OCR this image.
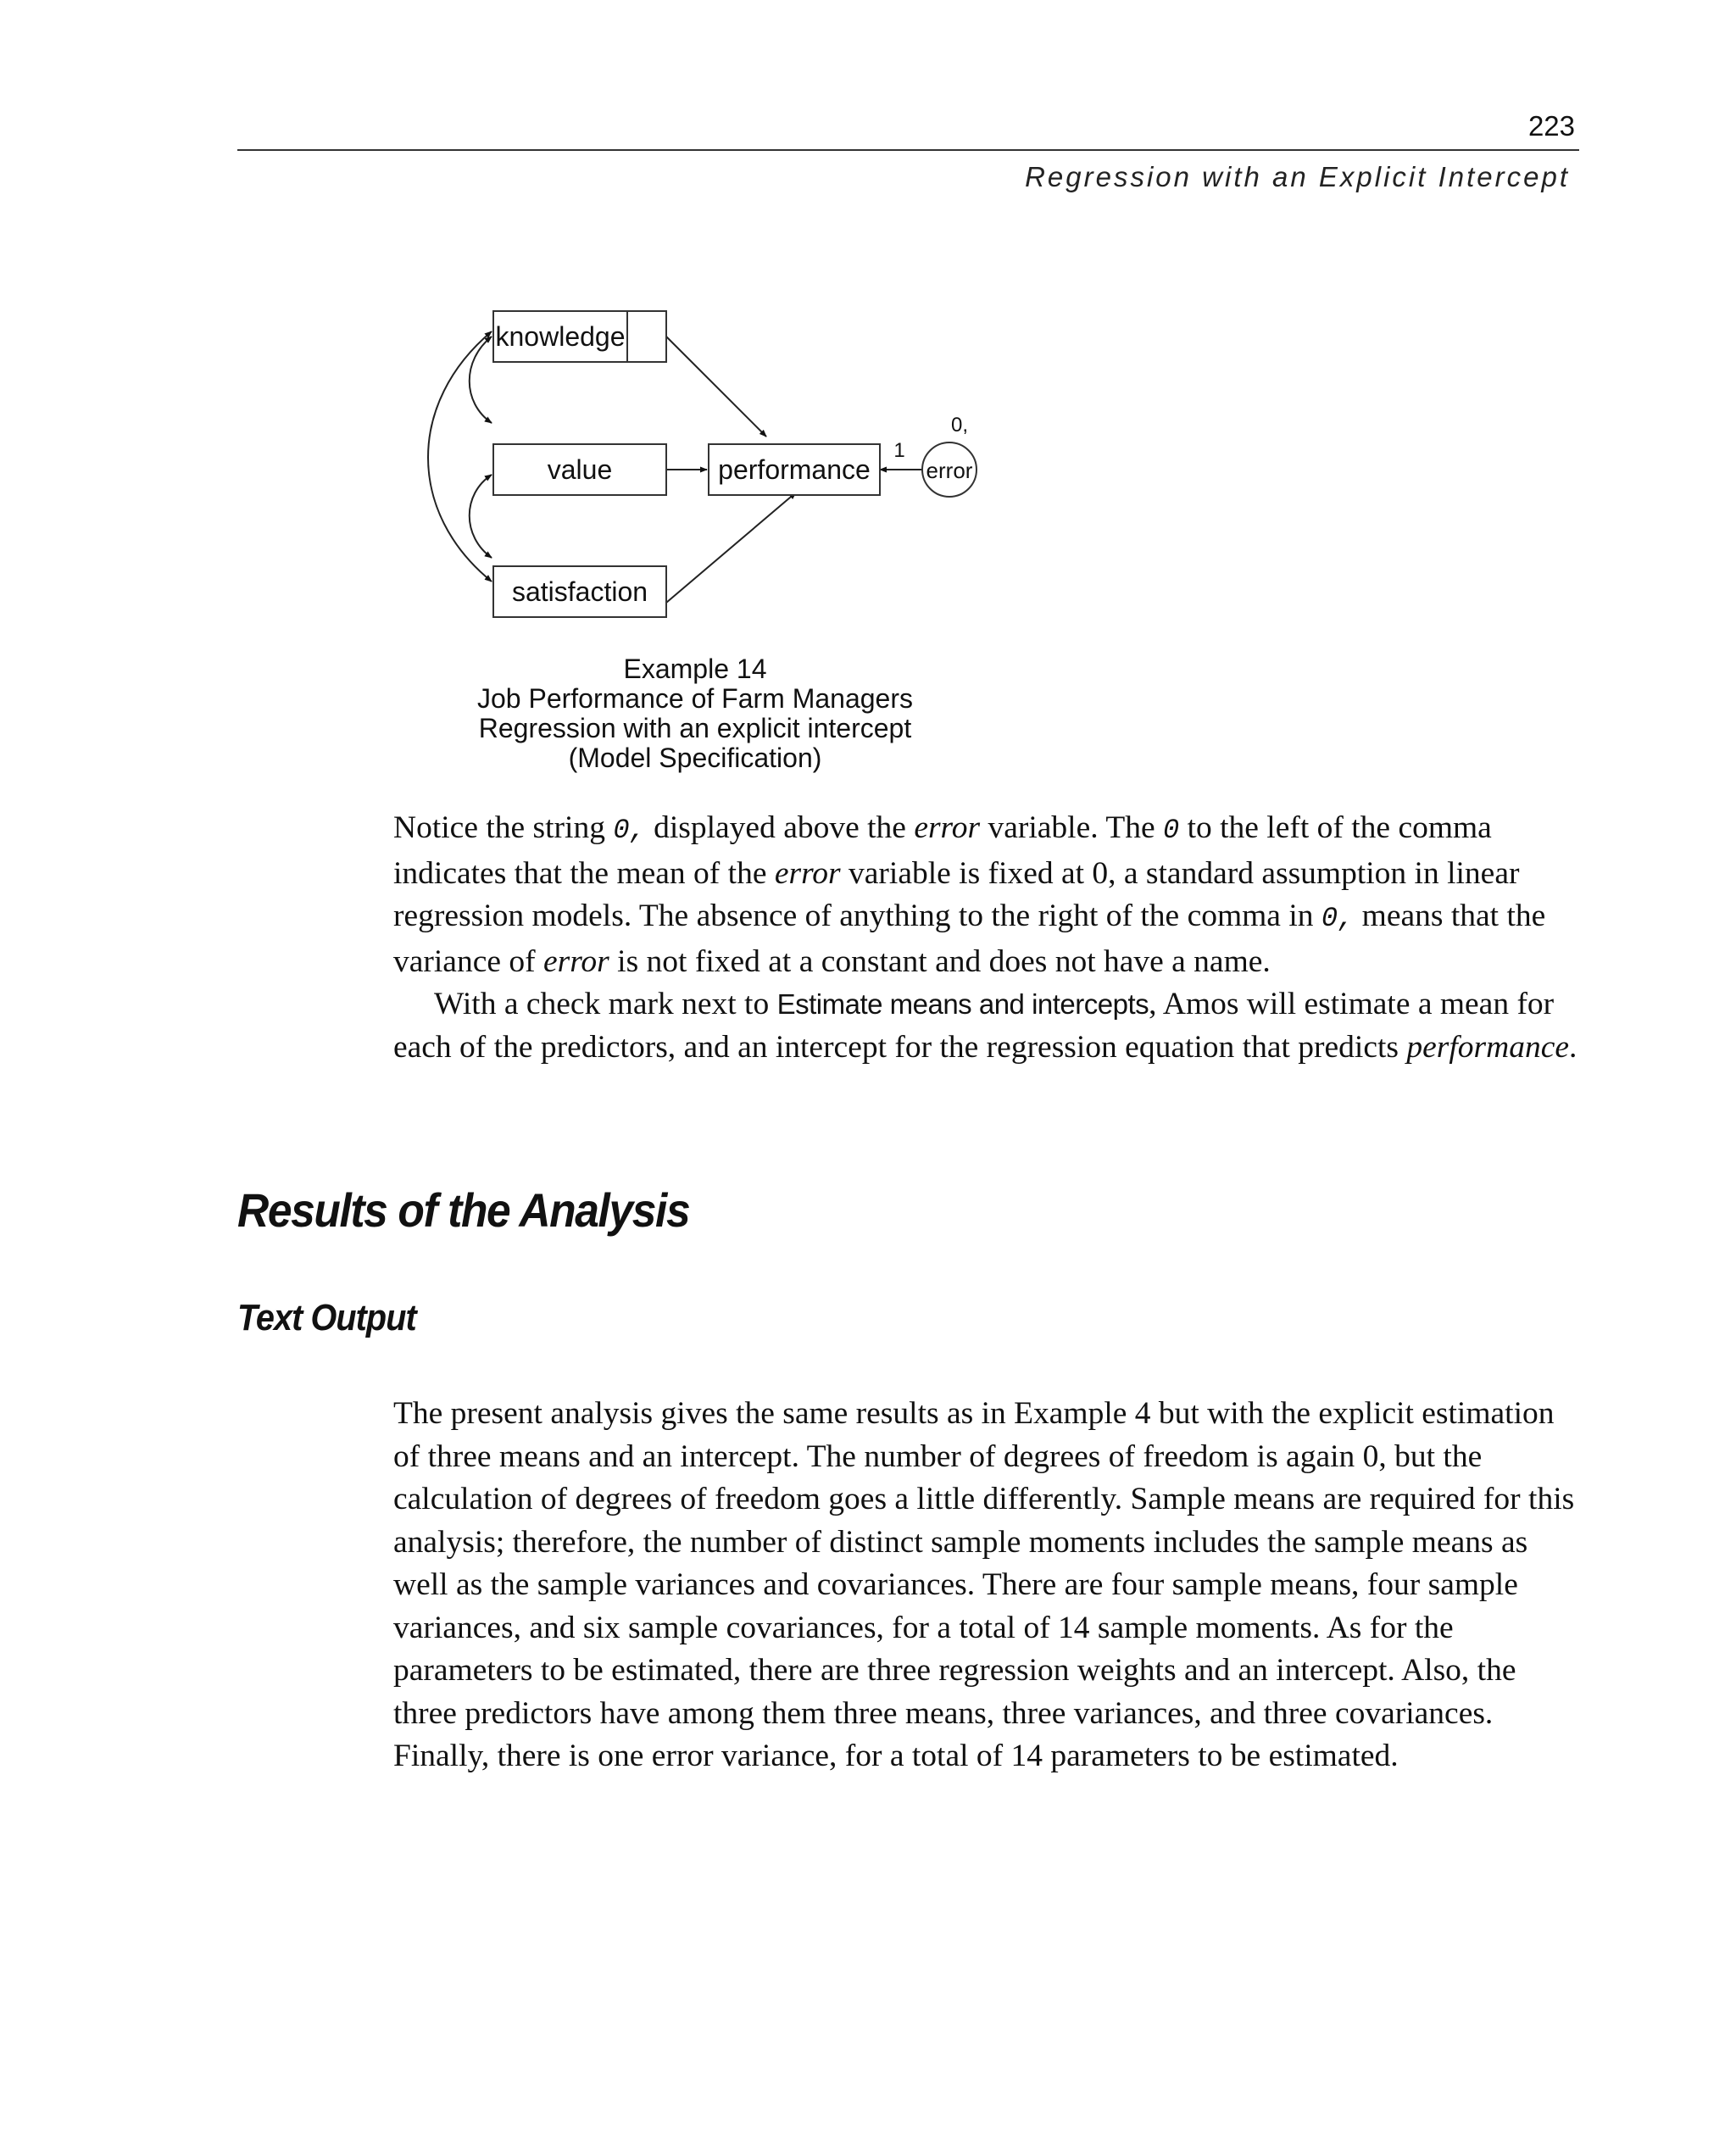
223
Regression with an Explicit Intercept
knowledge
value
satisfaction
performance	error
0,
1
Example 14
Job Performance of Farm Managers
Regression with an explicit intercept
(Model Specification)

Notice the string 0, displayed above the error variable. The 0 to the left of the comma indicates that the mean of the error variable is fixed at 0, a standard assumption in linear regression models. The absence of anything to the right of the comma in 0, means that the variance of error is not fixed at a constant and does not have a name.

With a check mark next to Estimate means and intercepts, Amos will estimate a mean for each of the predictors, and an intercept for the regression equation that predicts performance.

Results of the Analysis
Text Output

The present analysis gives the same results as in Example 4 but with the explicit estimation of three means and an intercept. The number of degrees of freedom is again 0, but the calculation of degrees of freedom goes a little differently. Sample means are required for this analysis; therefore, the number of distinct sample moments includes the sample means as well as the sample variances and covariances. There are four sample means, four sample variances, and six sample covariances, for a total of 14 sample moments. As for the parameters to be estimated, there are three regression weights and an intercept. Also, the three predictors have among them three means, three variances, and three covariances. Finally, there is one error variance, for a total of 14 parameters to be estimated.
